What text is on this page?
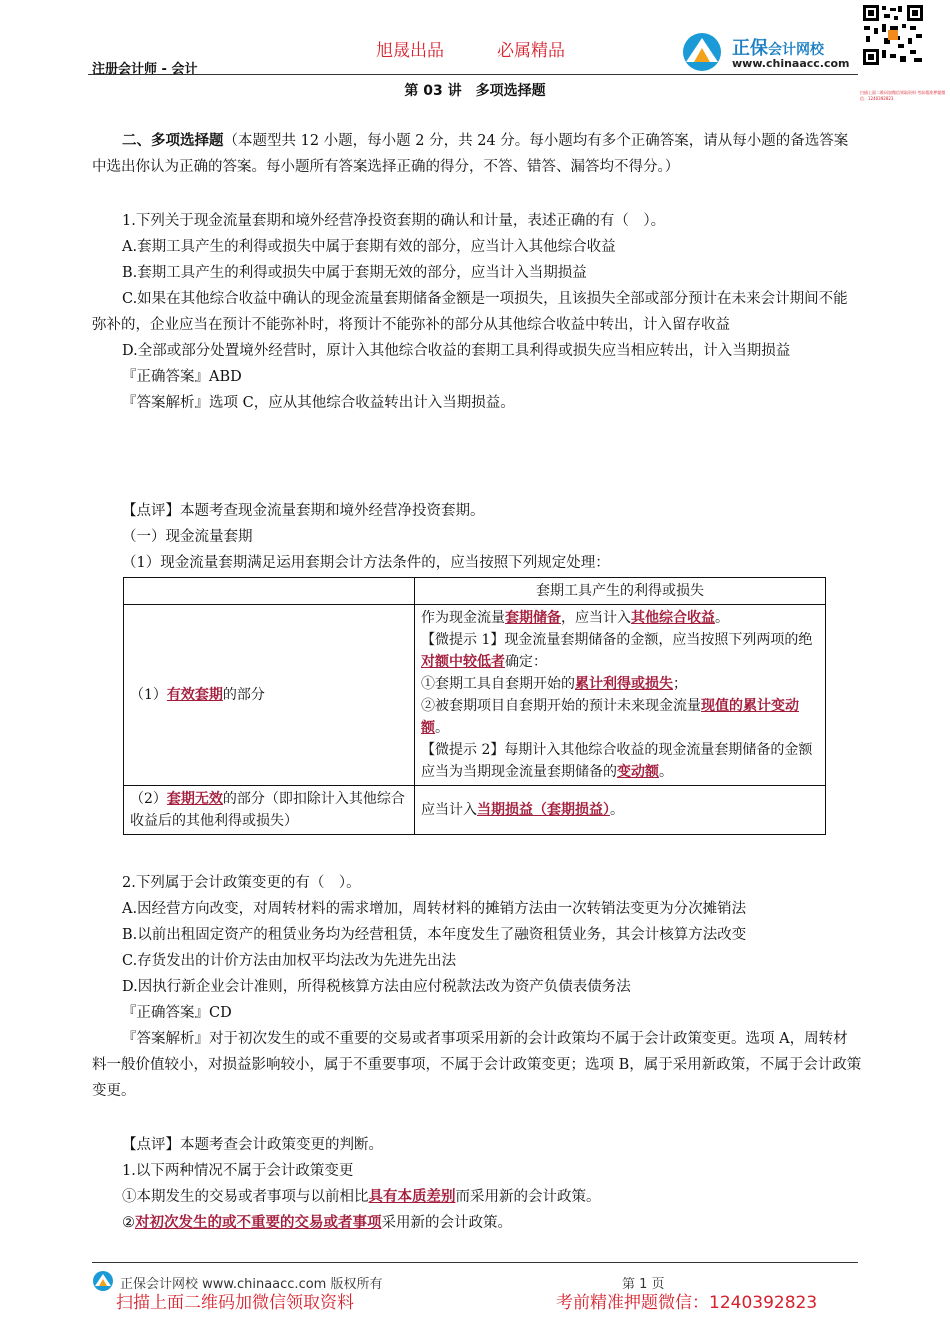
旭晟出品	必属精品
注册会计师 - 会计
正保会计网校
www.chinaacc.com
扫描上面二维码加微信领取资料 考前精准押题微信：1240392823
第 03 讲　多项选择题

二、多项选择题（本题型共 12 小题，每小题 2 分，共 24 分。每小题均有多个正确答案，请从每小题的备选答案中选出你认为正确的答案。每小题所有答案选择正确的得分，不答、错答、漏答均不得分。）

1.下列关于现金流量套期和境外经营净投资套期的确认和计量，表述正确的有（　）。

A.套期工具产生的利得或损失中属于套期有效的部分，应当计入其他综合收益

B.套期工具产生的利得或损失中属于套期无效的部分，应当计入当期损益

C.如果在其他综合收益中确认的现金流量套期储备金额是一项损失，且该损失全部或部分预计在未来会计期间不能弥补的，企业应当在预计不能弥补时，将预计不能弥补的部分从其他综合收益中转出，计入留存收益

D.全部或部分处置境外经营时，原计入其他综合收益的套期工具利得或损失应当相应转出，计入当期损益

『正确答案』ABD

『答案解析』选项 C，应从其他综合收益转出计入当期损益。

【点评】本题考查现金流量套期和境外经营净投资套期。

（一）现金流量套期

（1）现金流量套期满足运用套期会计方法条件的，应当按照下列规定处理：

	套期工具产生的利得或损失
（1）有效套期的部分	作为现金流量套期储备，应当计入其他综合收益。
【微提示 1】现金流量套期储备的金额，应当按照下列两项的绝对额中较低者确定：
①套期工具自套期开始的累计利得或损失；
②被套期项目自套期开始的预计未来现金流量现值的累计变动额。
【微提示 2】每期计入其他综合收益的现金流量套期储备的金额应当为当期现金流量套期储备的变动额。

（2）套期无效的部分（即扣除计入其他综合收益后的其他利得或损失）	应当计入当期损益（套期损益）。

2.下列属于会计政策变更的有（　）。

A.因经营方向改变，对周转材料的需求增加，周转材料的摊销方法由一次转销法变更为分次摊销法

B.以前出租固定资产的租赁业务均为经营租赁，本年度发生了融资租赁业务，其会计核算方法改变

C.存货发出的计价方法由加权平均法改为先进先出法

D.因执行新企业会计准则，所得税核算方法由应付税款法改为资产负债表债务法

『正确答案』CD

『答案解析』对于初次发生的或不重要的交易或者事项采用新的会计政策均不属于会计政策变更。选项 A，周转材料一般价值较小，对损益影响较小，属于不重要事项，不属于会计政策变更；选项 B，属于采用新政策，不属于会计政策变更。

【点评】本题考查会计政策变更的判断。

1.以下两种情况不属于会计政策变更

①本期发生的交易或者事项与以前相比具有本质差别而采用新的会计政策。

②对初次发生的或不重要的交易或者事项采用新的会计政策。

正保会计网校 www.chinaacc.com 版权所有	第 1 页
扫描上面二维码加微信领取资料	考前精准押题微信：1240392823
